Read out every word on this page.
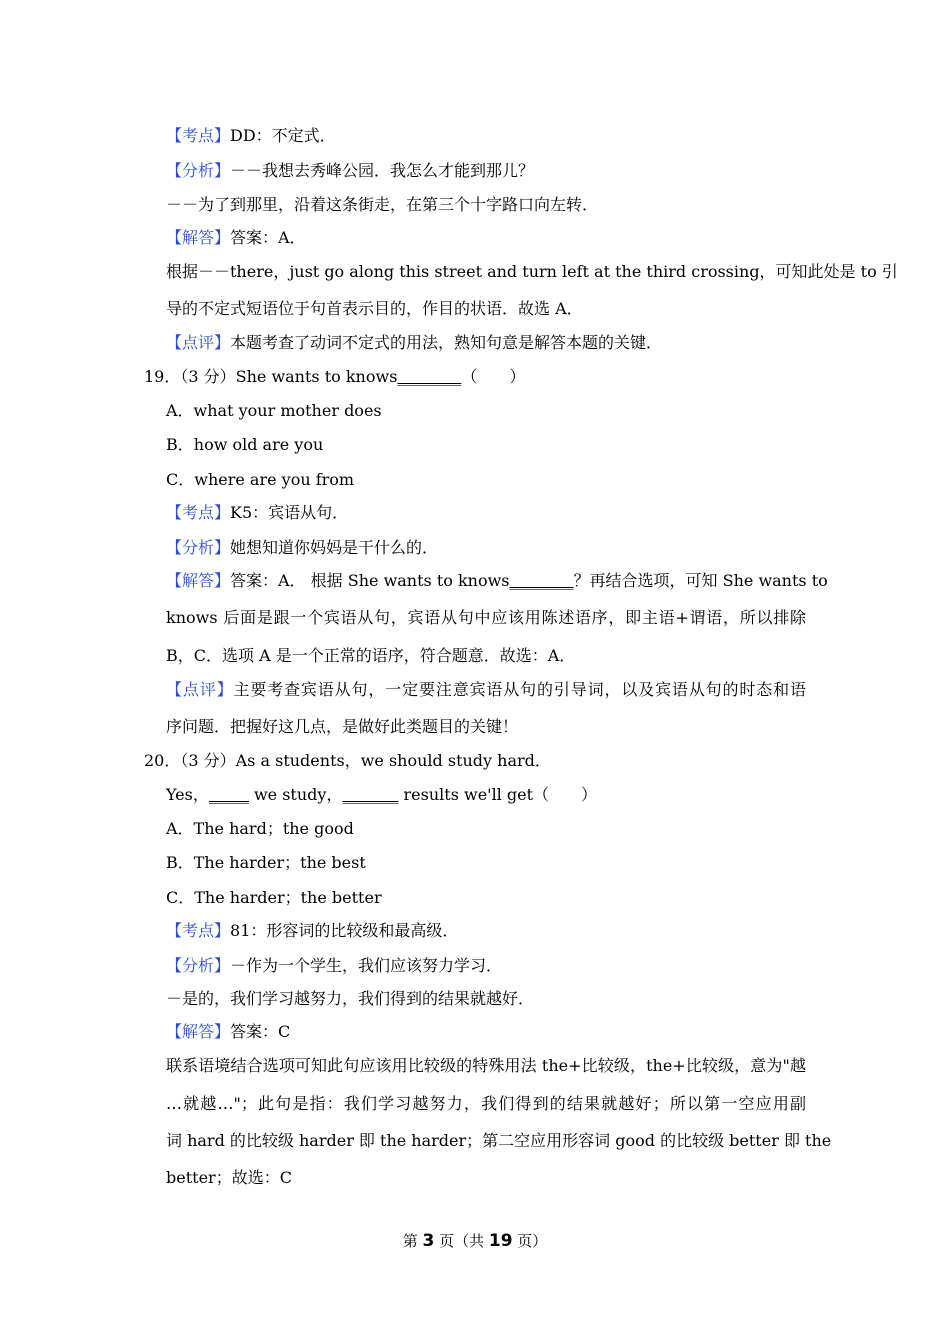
【考点】DD：不定式．
【分析】－－我想去秀峰公园．我怎么才能到那儿？
－－为了到那里，沿着这条街走，在第三个十字路口向左转．
【解答】答案：A．
根据－－there，just go along this street and turn left at the third crossing，可知此处是 to 引
导的不定式短语位于句首表示目的，作目的状语．故选 A．
【点评】本题考查了动词不定式的用法，熟知句意是解答本题的关键．
19．（3 分）She wants to knows________（　　）
A．what your mother does
B．how old are you
C．where are you from
【考点】K5：宾语从句．
【分析】她想知道你妈妈是干什么的．
【解答】答案：A． 根据 She wants to knows________？再结合选项，可知 She wants to
knows 后面是跟一个宾语从句，宾语从句中应该用陈述语序，即主语+谓语，所以排除
B，C．选项 A 是一个正常的语序，符合题意．故选：A．
【点评】主要考查宾语从句，一定要注意宾语从句的引导词，以及宾语从句的时态和语
序问题．把握好这几点，是做好此类题目的关键！
20．（3 分）As a students，we should study hard．
Yes，_____ we study，_______ results we'll get（　　）
A．The hard；the good
B．The harder；the best
C．The harder；the better
【考点】81：形容词的比较级和最高级．
【分析】－作为一个学生，我们应该努力学习．
－是的，我们学习越努力，我们得到的结果就越好．
【解答】答案：C
联系语境结合选项可知此句应该用比较级的特殊用法 the+比较级，the+比较级，意为"越
…就越…"；此句是指：我们学习越努力，我们得到的结果就越好；所以第一空应用副
词 hard 的比较级 harder 即 the harder；第二空应用形容词 good 的比较级 better 即 the
better；故选：C
第 3 页（共 19 页）
